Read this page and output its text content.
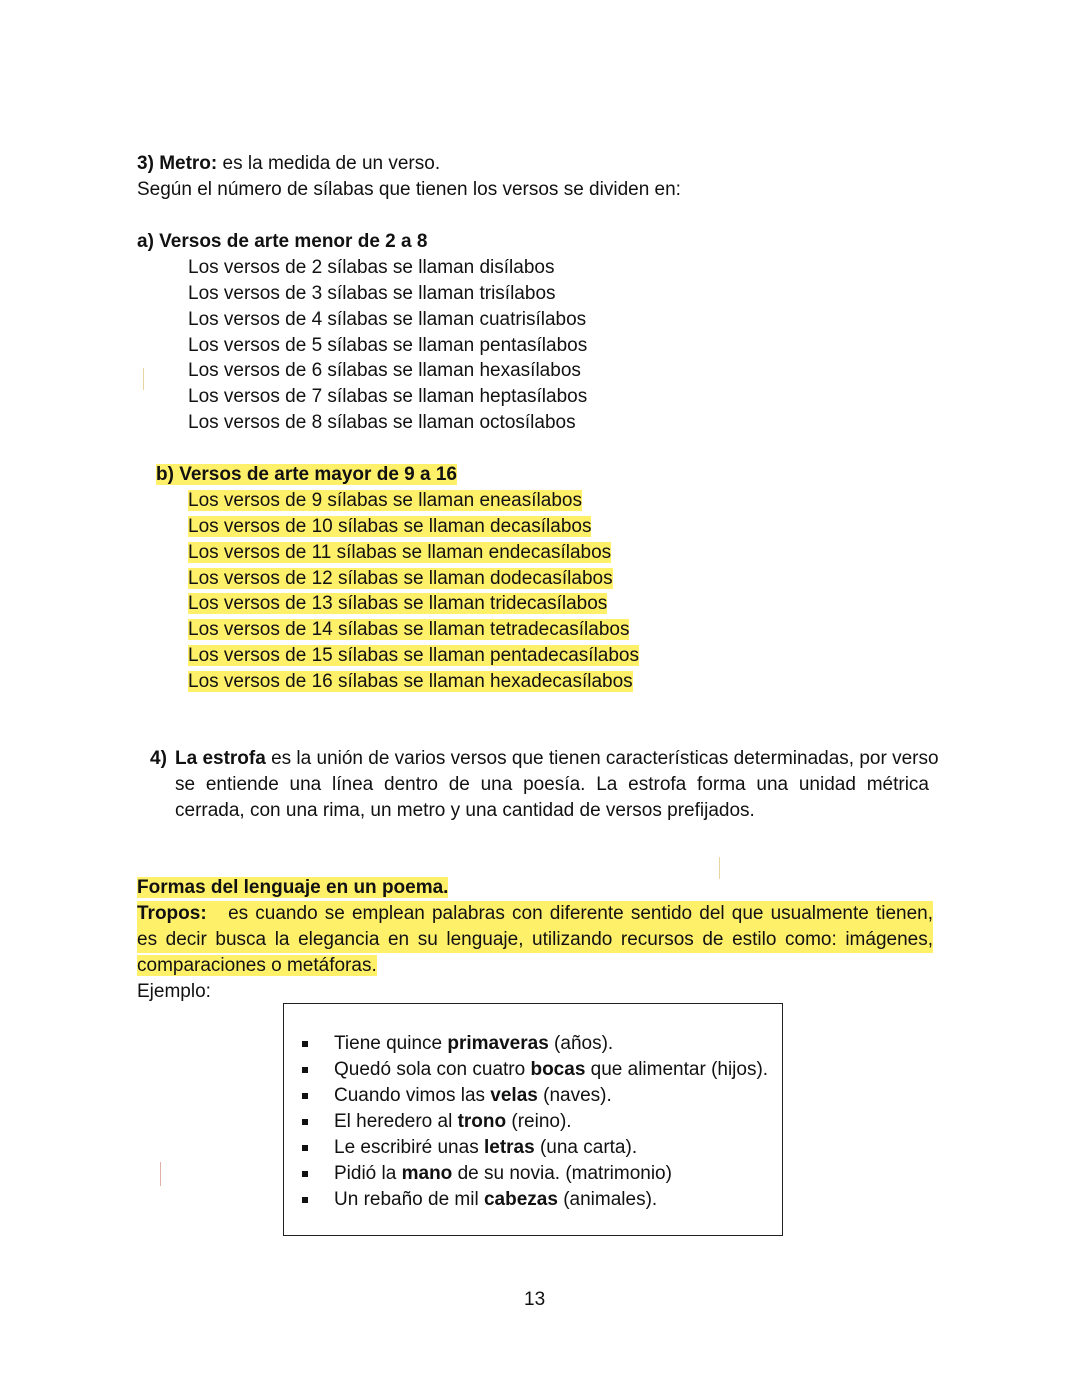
3) Metro: es la medida de un verso.
Según el número de sílabas que tienen los versos se dividen en:
a) Versos de arte menor de 2 a 8
Los versos de 2 sílabas se llaman disílabos
Los versos de 3 sílabas se llaman trisílabos
Los versos de 4 sílabas se llaman cuatrisílabos
Los versos de 5 sílabas se llaman pentasílabos
Los versos de 6 sílabas se llaman hexasílabos
Los versos de 7 sílabas se llaman heptasílabos
Los versos de 8 sílabas se llaman octosílabos
b) Versos de arte mayor de 9 a 16
Los versos de 9 sílabas se llaman eneasílabos
Los versos de 10 sílabas se llaman decasílabos
Los versos de 11 sílabas se llaman endecasílabos
Los versos de 12 sílabas se llaman dodecasílabos
Los versos de 13 sílabas se llaman tridecasílabos
Los versos de 14 sílabas se llaman tetradecasílabos
Los versos de 15 sílabas se llaman pentadecasílabos
Los versos de 16 sílabas se llaman hexadecasílabos
4) La estrofa es la unión de varios versos que tienen características determinadas, por verso
se entiende una línea dentro de una poesía. La estrofa forma una unidad métrica
cerrada, con una rima, un metro y una cantidad de versos prefijados.
Formas del lenguaje en un poema.
Tropos: es cuando se emplean palabras con diferente sentido del que usualmente tienen,
es decir busca la elegancia en su lenguaje, utilizando recursos de estilo como: imágenes,
comparaciones o metáforas.
Ejemplo:
Tiene quince primaveras (años).
Quedó sola con cuatro bocas que alimentar (hijos).
Cuando vimos las velas (naves).
El heredero al trono (reino).
Le escribiré unas letras (una carta).
Pidió la mano de su novia. (matrimonio)
Un rebaño de mil cabezas (animales).
13
